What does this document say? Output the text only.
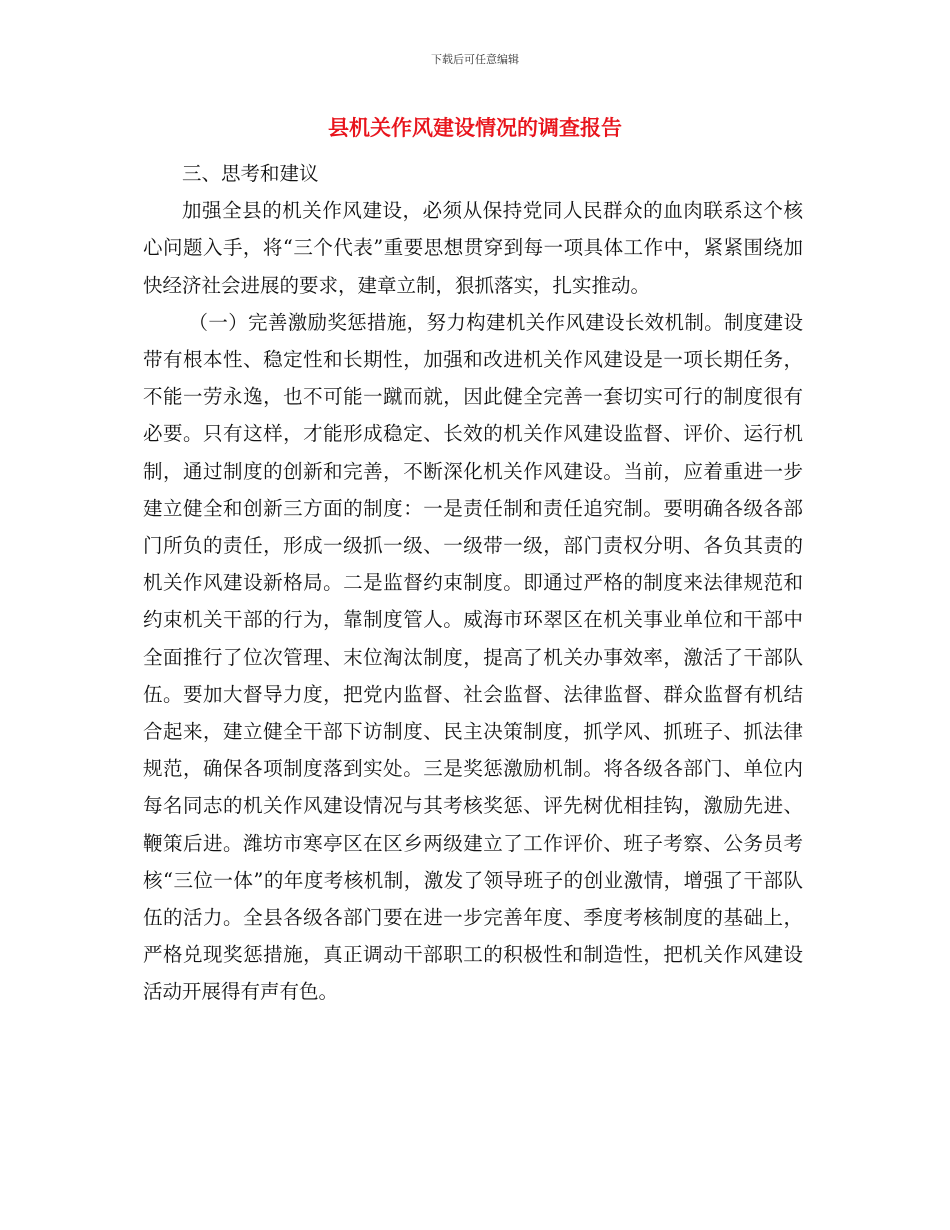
下载后可任意编辑
县机关作风建设情况的调查报告

三、思考和建议

加强全县的机关作风建设，必须从保持党同人民群众的血肉联系这个核心问题入手，将“三个代表”重要思想贯穿到每一项具体工作中，紧紧围绕加快经济社会进展的要求，建章立制，狠抓落实，扎实推动。

（一）完善激励奖惩措施，努力构建机关作风建设长效机制。制度建设带有根本性、稳定性和长期性，加强和改进机关作风建设是一项长期任务，不能一劳永逸，也不可能一蹴而就，因此健全完善一套切实可行的制度很有必要。只有这样，才能形成稳定、长效的机关作风建设监督、评价、运行机制，通过制度的创新和完善，不断深化机关作风建设。当前，应着重进一步建立健全和创新三方面的制度：一是责任制和责任追究制。要明确各级各部门所负的责任，形成一级抓一级、一级带一级，部门责权分明、各负其责的机关作风建设新格局。二是监督约束制度。即通过严格的制度来法律规范和约束机关干部的行为，靠制度管人。威海市环翠区在机关事业单位和干部中全面推行了位次管理、末位淘汰制度，提高了机关办事效率，激活了干部队伍。要加大督导力度，把党内监督、社会监督、法律监督、群众监督有机结合起来，建立健全干部下访制度、民主决策制度，抓学风、抓班子、抓法律规范，确保各项制度落到实处。三是奖惩激励机制。将各级各部门、单位内每名同志的机关作风建设情况与其考核奖惩、评先树优相挂钩，激励先进、鞭策后进。潍坊市寒亭区在区乡两级建立了工作评价、班子考察、公务员考核“三位一体”的年度考核机制，激发了领导班子的创业激情，增强了干部队伍的活力。全县各级各部门要在进一步完善年度、季度考核制度的基础上，严格兑现奖惩措施，真正调动干部职工的积极性和制造性，把机关作风建设活动开展得有声有色。
